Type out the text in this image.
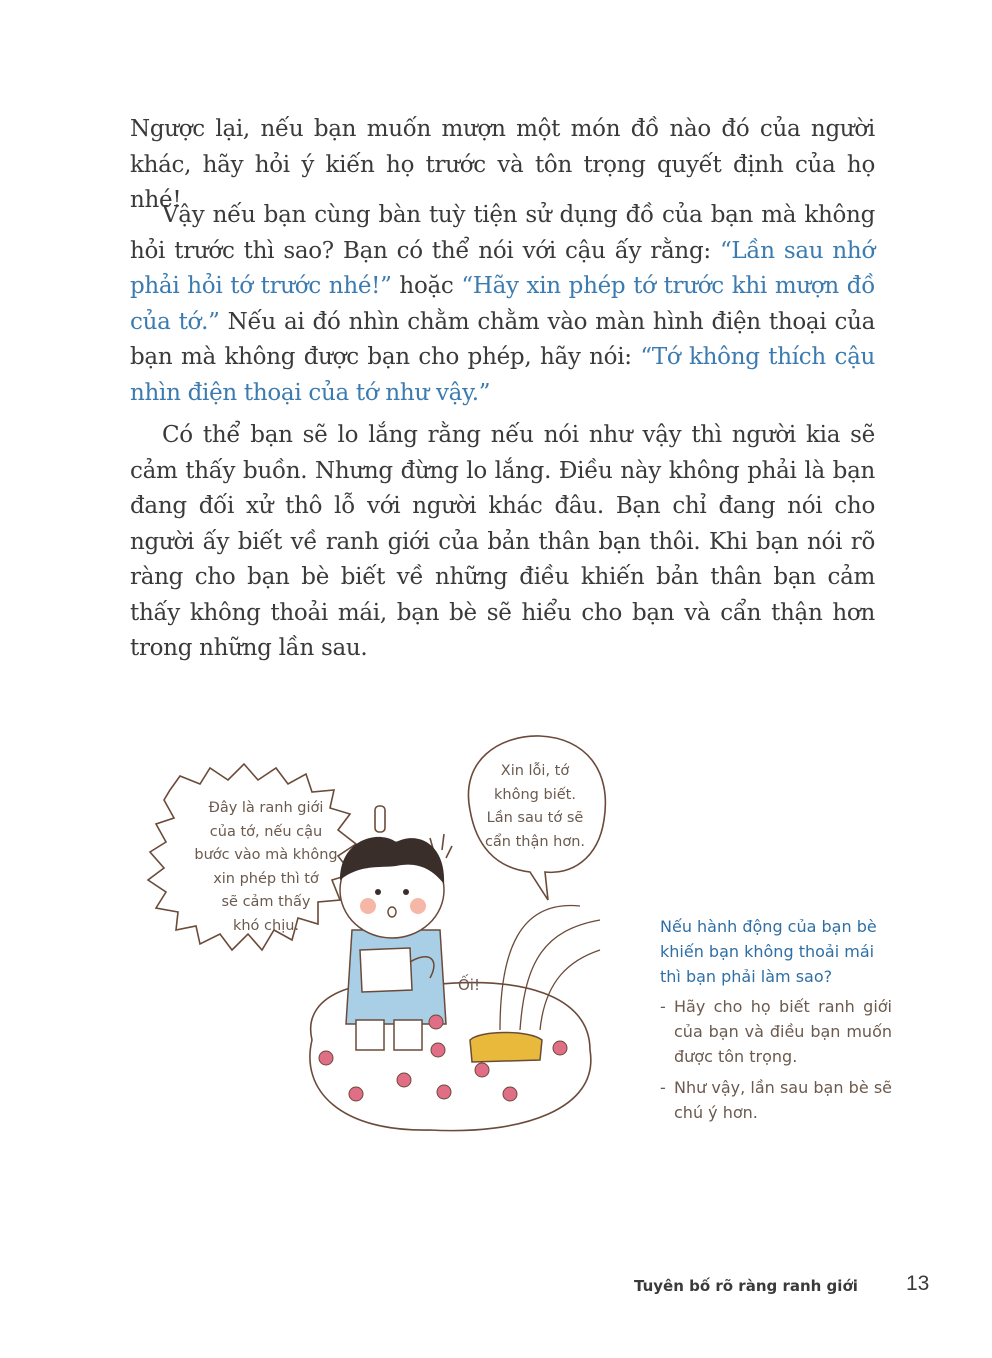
Ngược lại, nếu bạn muốn mượn một món đồ nào đó của người khác, hãy hỏi ý kiến họ trước và tôn trọng quyết định của họ nhé!
Vậy nếu bạn cùng bàn tuỳ tiện sử dụng đồ của bạn mà không hỏi trước thì sao? Bạn có thể nói với cậu ấy rằng: “Lần sau nhớ phải hỏi tớ trước nhé!” hoặc “Hãy xin phép tớ trước khi mượn đồ của tớ.” Nếu ai đó nhìn chằm chằm vào màn hình điện thoại của bạn mà không được bạn cho phép, hãy nói: “Tớ không thích cậu nhìn điện thoại của tớ như vậy.”
Có thể bạn sẽ lo lắng rằng nếu nói như vậy thì người kia sẽ cảm thấy buồn. Nhưng đừng lo lắng. Điều này không phải là bạn đang đối xử thô lỗ với người khác đâu. Bạn chỉ đang nói cho người ấy biết về ranh giới của bản thân bạn thôi. Khi bạn nói rõ ràng cho bạn bè biết về những điều khiến bản thân bạn cảm thấy không thoải mái, bạn bè sẽ hiểu cho bạn và cẩn thận hơn trong những lần sau.
Đây là ranh giới
của tớ, nếu cậu
bước vào mà không
xin phép thì tớ
sẽ cảm thấy
khó chịu.
Xin lỗi, tớ
không biết.
Lần sau tớ sẽ
cẩn thận hơn.
Ối!
Nếu hành động của bạn bè khiến bạn không thoải mái thì bạn phải làm sao?
- Hãy cho họ biết ranh giới của bạn và điều bạn muốn được tôn trọng.
- Như vậy, lần sau bạn bè sẽ chú ý hơn.
Tuyên bố rõ ràng ranh giới 13
